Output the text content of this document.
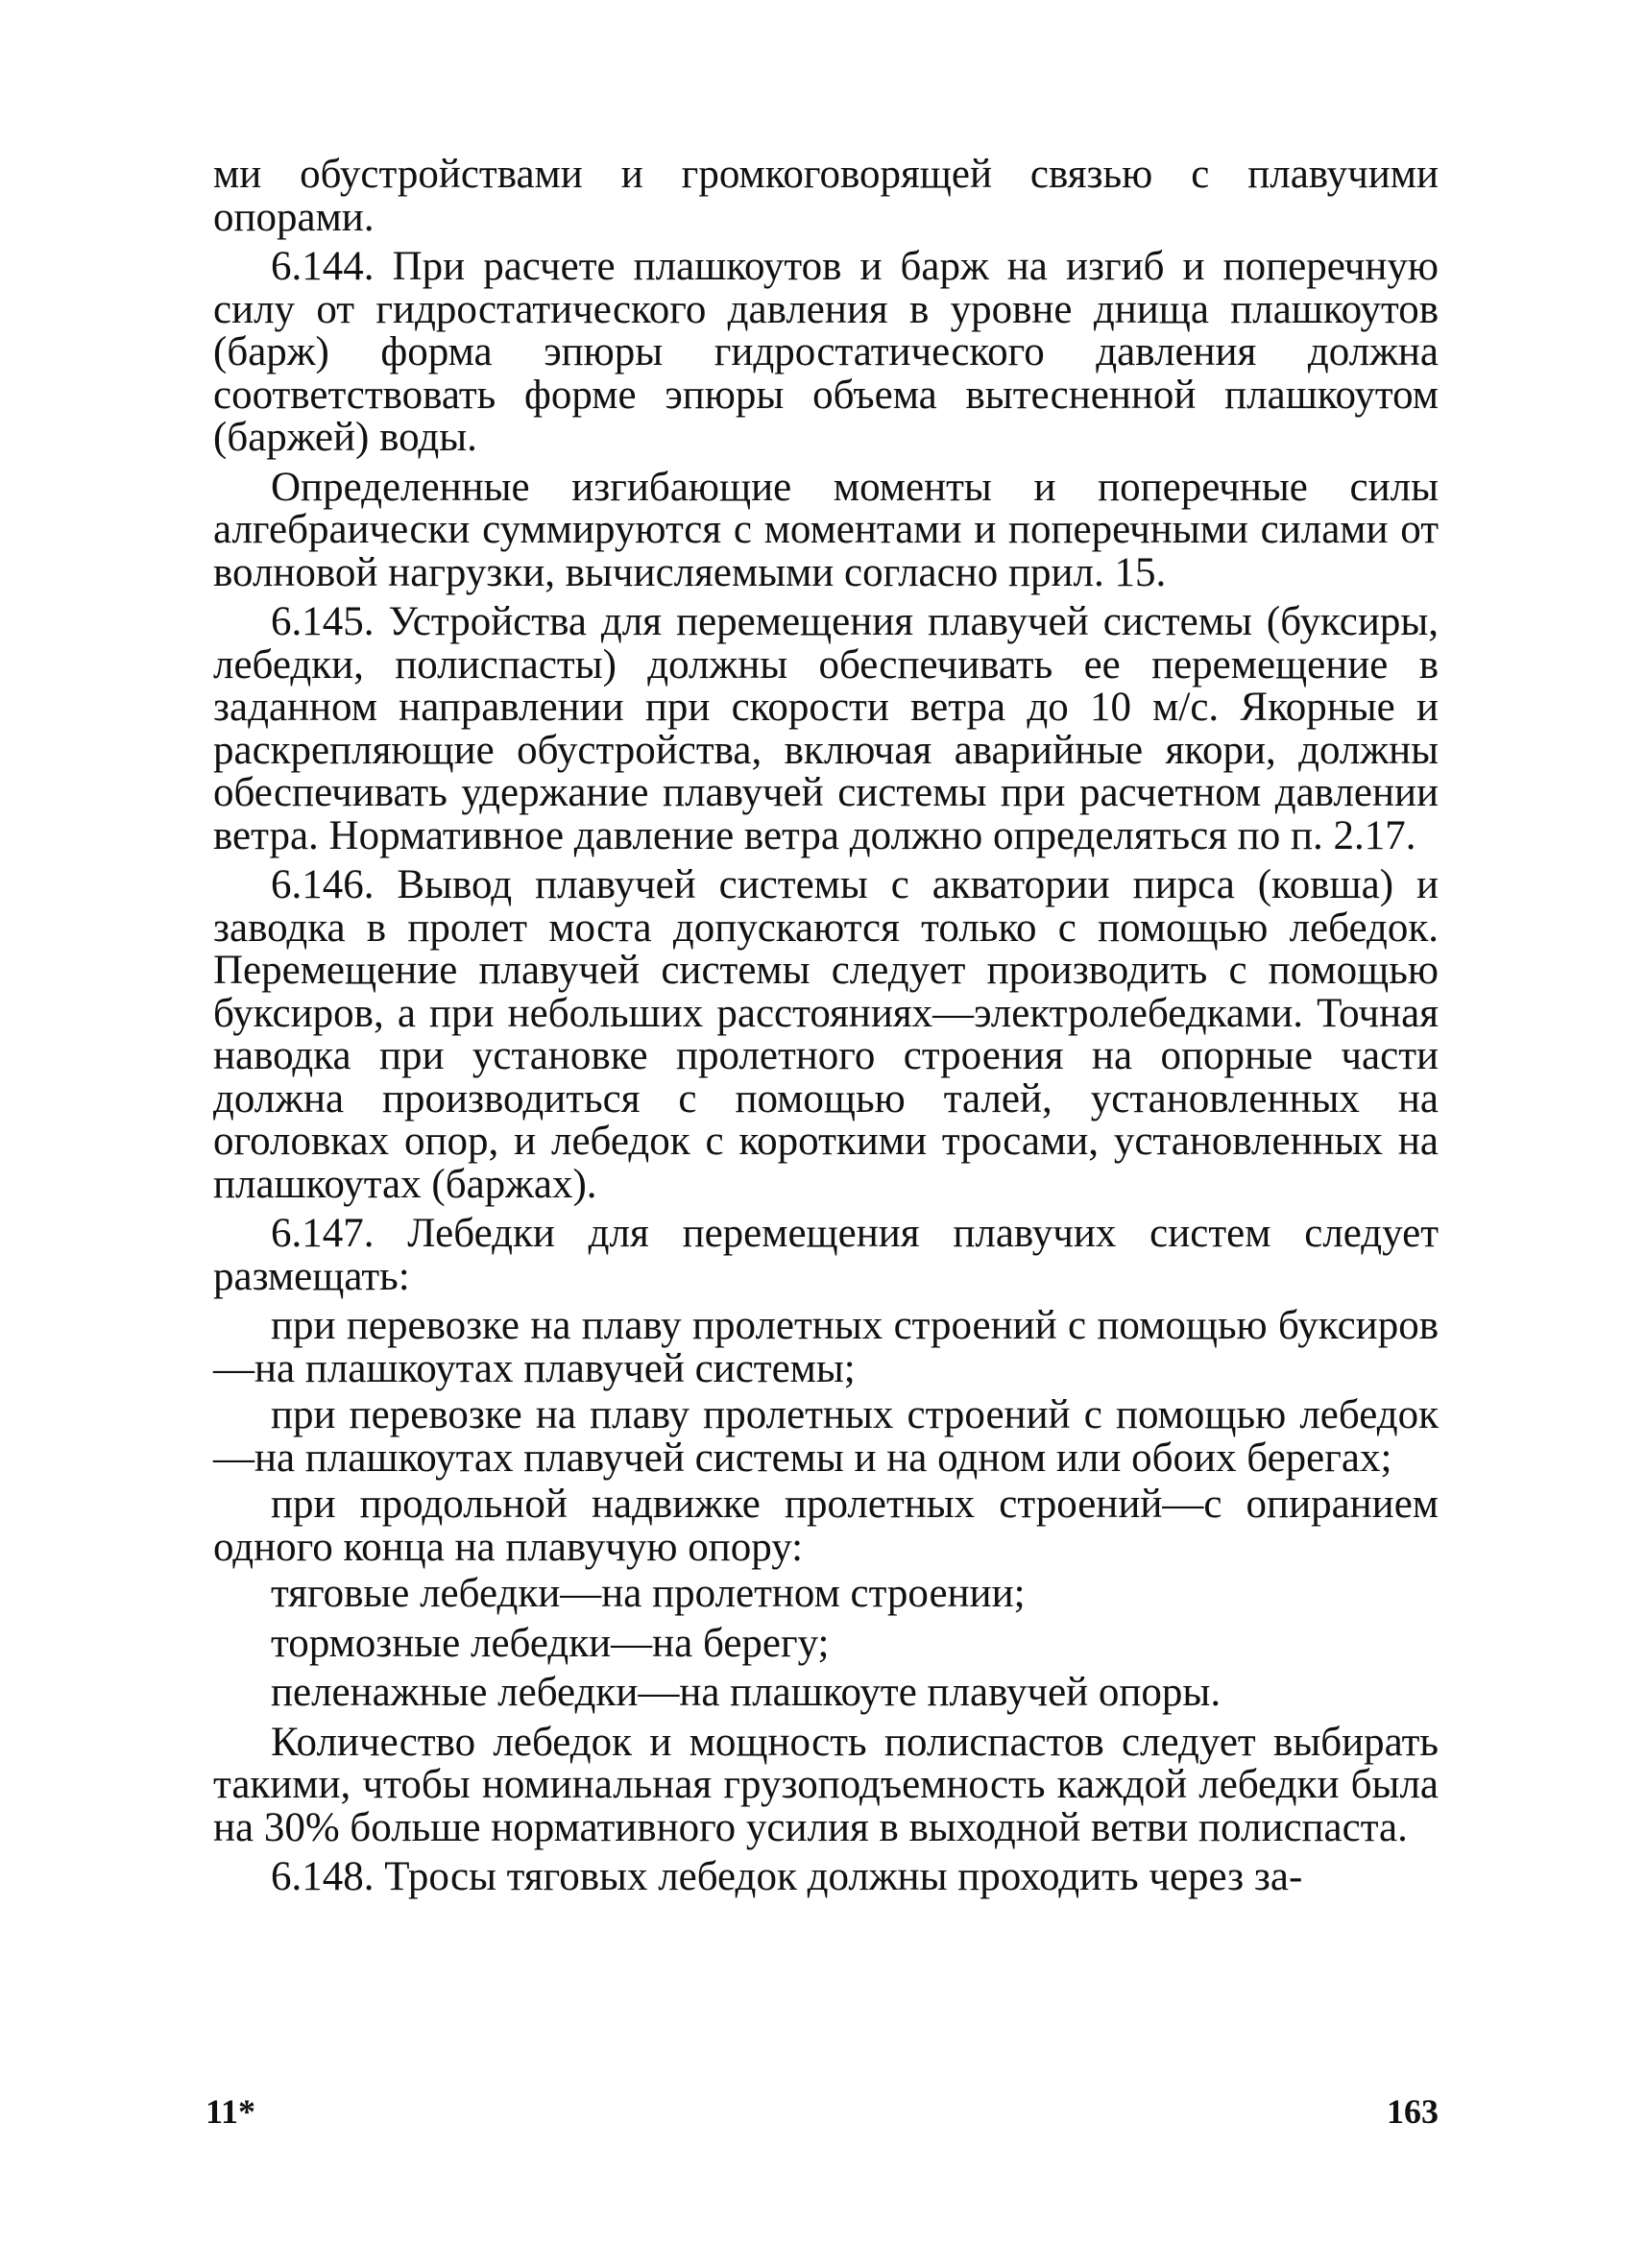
ми обустройствами и громкоговорящей связью с плавучими опорами.

6.144. При расчете плашкоутов и барж на изгиб и поперечную силу от гидростатического давления в уровне днища плашкоутов (барж) форма эпюры гидростатического давления должна соответствовать форме эпюры объема вытесненной плашкоутом (баржей) воды.

Определенные изгибающие моменты и поперечные силы алгебраически суммируются с моментами и поперечными силами от волновой нагрузки, вычисляемыми согласно прил. 15.

6.145. Устройства для перемещения плавучей системы (буксиры, лебедки, полиспасты) должны обеспечивать ее перемещение в заданном направлении при скорости ветра до 10 м/с. Якорные и раскрепляющие обустройства, включая аварийные якори, должны обеспечивать удержание плавучей системы при расчетном давлении ветра. Нормативное давление ветра должно определяться по п. 2.17.

6.146. Вывод плавучей системы с акватории пирса (ковша) и заводка в пролет моста допускаются только с помощью лебедок. Перемещение плавучей системы следует производить с помощью буксиров, а при небольших расстояниях—электролебедками. Точная наводка при установке пролетного строения на опорные части должна производиться с помощью талей, установленных на оголовках опор, и лебедок с короткими тросами, установленных на плашкоутах (баржах).

6.147. Лебедки для перемещения плавучих систем следует размещать:

при перевозке на плаву пролетных строений с помощью буксиров—на плашкоутах плавучей системы;

при перевозке на плаву пролетных строений с помощью лебедок—на плашкоутах плавучей системы и на одном или обоих берегах;

при продольной надвижке пролетных строений—с опиранием одного конца на плавучую опору:

тяговые лебедки—на пролетном строении;

тормозные лебедки—на берегу;

пеленажные лебедки—на плашкоуте плавучей опоры.

Количество лебедок и мощность полиспастов следует выбирать такими, чтобы номинальная грузоподъемность каждой лебедки была на 30% больше нормативного усилия в выходной ветви полиспаста.

6.148. Тросы тяговых лебедок должны проходить через за-

11*	163
